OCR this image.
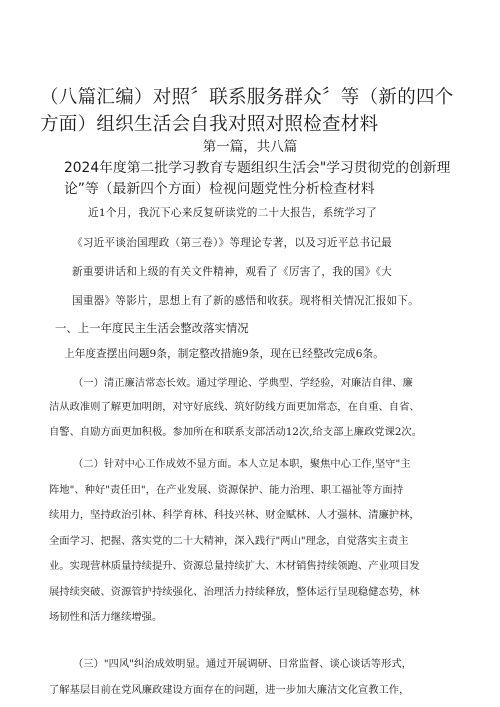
（八篇汇编）对照〞联系服务群众〞等（新的四个方面）组织生活会自我对照对照检查材料
第一篇，共八篇
2024年度第二批学习教育专题组织生活会"学习贯彻党的创新理论”等（最新四个方面）检视问题党性分析检查材料
近1个月，我沉下心来反复研读党的二十大报告，系统学习了
《习近平谈治国理政（第三卷）》等理论专著，以及习近平总书记最
新重要讲话和上级的有关文件精神，观看了《厉害了，我的国》《大
国重器》等影片，思想上有了新的感悟和收获。现将相关情况汇报如下。
一、上一年度民主生活会整改落实情况
上年度查摆出问题9条，制定整改措施9条，现在已经整改完成6条。
（一）清正廉洁常态长效。通过学理论、学典型、学经验，对廉洁自律、廉
洁从政准则了解更加明朗，对守好底线、筑好防线方面更加常态，在自重、自省、
自警、自励方面更加积极。参加所在和联系支部活动12次,给支部上廉政党课2次。
（二）针对中心工作成效不显方面。本人立足本职，聚焦中心工作,坚守"主
阵地"、种好"责任田"，在产业发展、资源保护、能力治理、职工福祉等方面持
续用力，坚持政治引林、科学育林、科技兴林、财金赋林、人才强林、清廉护林，
全面学习、把握、落实党的二十大精神，深入践行"两山"理念，自觉落实主责主
业。实现营林质量持续提升、资源总量持续扩大、木材销售持续领跑、产业项目发
展持续突破、资源管护持续强化、治理活力持续释放，整体运行呈现稳健态势，林
场韧性和活力继续增强。
（三）"四风"纠治成效明显。通过开展调研、日常监督、谈心谈话等形式，
了解基层目前在党风廉政建设方面存在的问题，进一步加大廉洁文化宣教工作，
